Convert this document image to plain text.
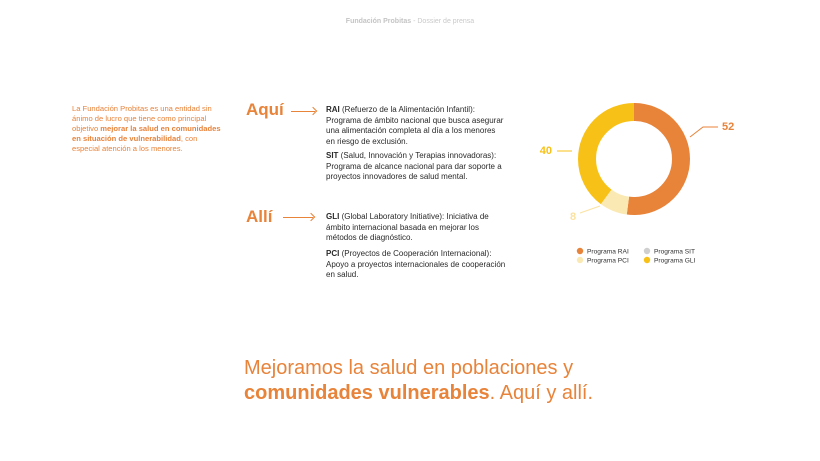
Fundación Probitas - Dossier de prensa
La Fundación Probitas es una entidad sin ánimo de lucro que tiene como principal objetivo mejorar la salud en comunidades en situación de vulnerabilidad, con especial atención a los menores.
Aquí	RAI (Refuerzo de la Alimentación Infantil): Programa de ámbito nacional que busca asegurar una alimentación completa al día a los menores en riesgo de exclusión.
SIT (Salud, Innovación y Terapias innovadoras): Programa de alcance nacional para dar soporte a proyectos innovadores de salud mental.
Allí	GLI (Global Laboratory Initiative): Iniciativa de ámbito internacional basada en mejorar los métodos de diagnóstico.
PCI (Proyectos de Cooperación Internacional): Apoyo a proyectos internacionales de cooperación en salud.
52
8
40
Programa RAI	Programa SIT
Programa PCI	Programa GLI
Mejoramos la salud en poblaciones y
comunidades vulnerables. Aquí y allí.
